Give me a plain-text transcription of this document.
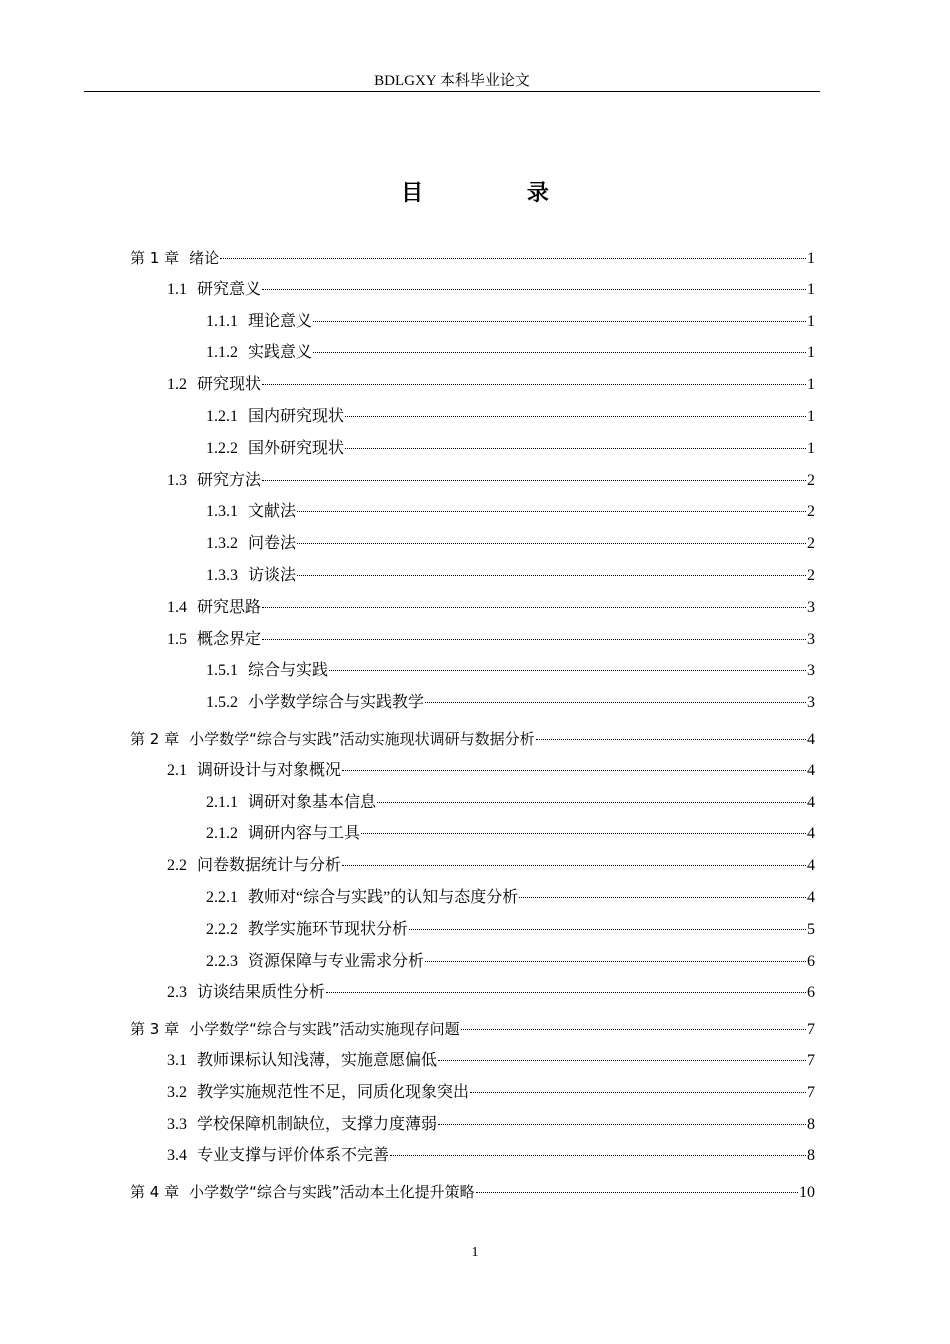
BDLGXY 本科毕业论文
目 录
第 1 章 绪论	1
1.1 研究意义	1
1.1.1 理论意义	1
1.1.2 实践意义	1
1.2 研究现状	1
1.2.1 国内研究现状	1
1.2.2 国外研究现状	1
1.3 研究方法	2
1.3.1 文献法	2
1.3.2 问卷法	2
1.3.3 访谈法	2
1.4 研究思路	3
1.5 概念界定	3
1.5.1 综合与实践	3
1.5.2 小学数学综合与实践教学	3
第 2 章 小学数学“综合与实践”活动实施现状调研与数据分析	4
2.1 调研设计与对象概况	4
2.1.1 调研对象基本信息	4
2.1.2 调研内容与工具	4
2.2 问卷数据统计与分析	4
2.2.1 教师对“综合与实践”的认知与态度分析	4
2.2.2 教学实施环节现状分析	5
2.2.3 资源保障与专业需求分析	6
2.3 访谈结果质性分析	6
第 3 章 小学数学“综合与实践”活动实施现存问题	7
3.1 教师课标认知浅薄，实施意愿偏低	7
3.2 教学实施规范性不足，同质化现象突出	7
3.3 学校保障机制缺位，支撑力度薄弱	8
3.4 专业支撑与评价体系不完善	8
第 4 章 小学数学“综合与实践”活动本土化提升策略	10
1
